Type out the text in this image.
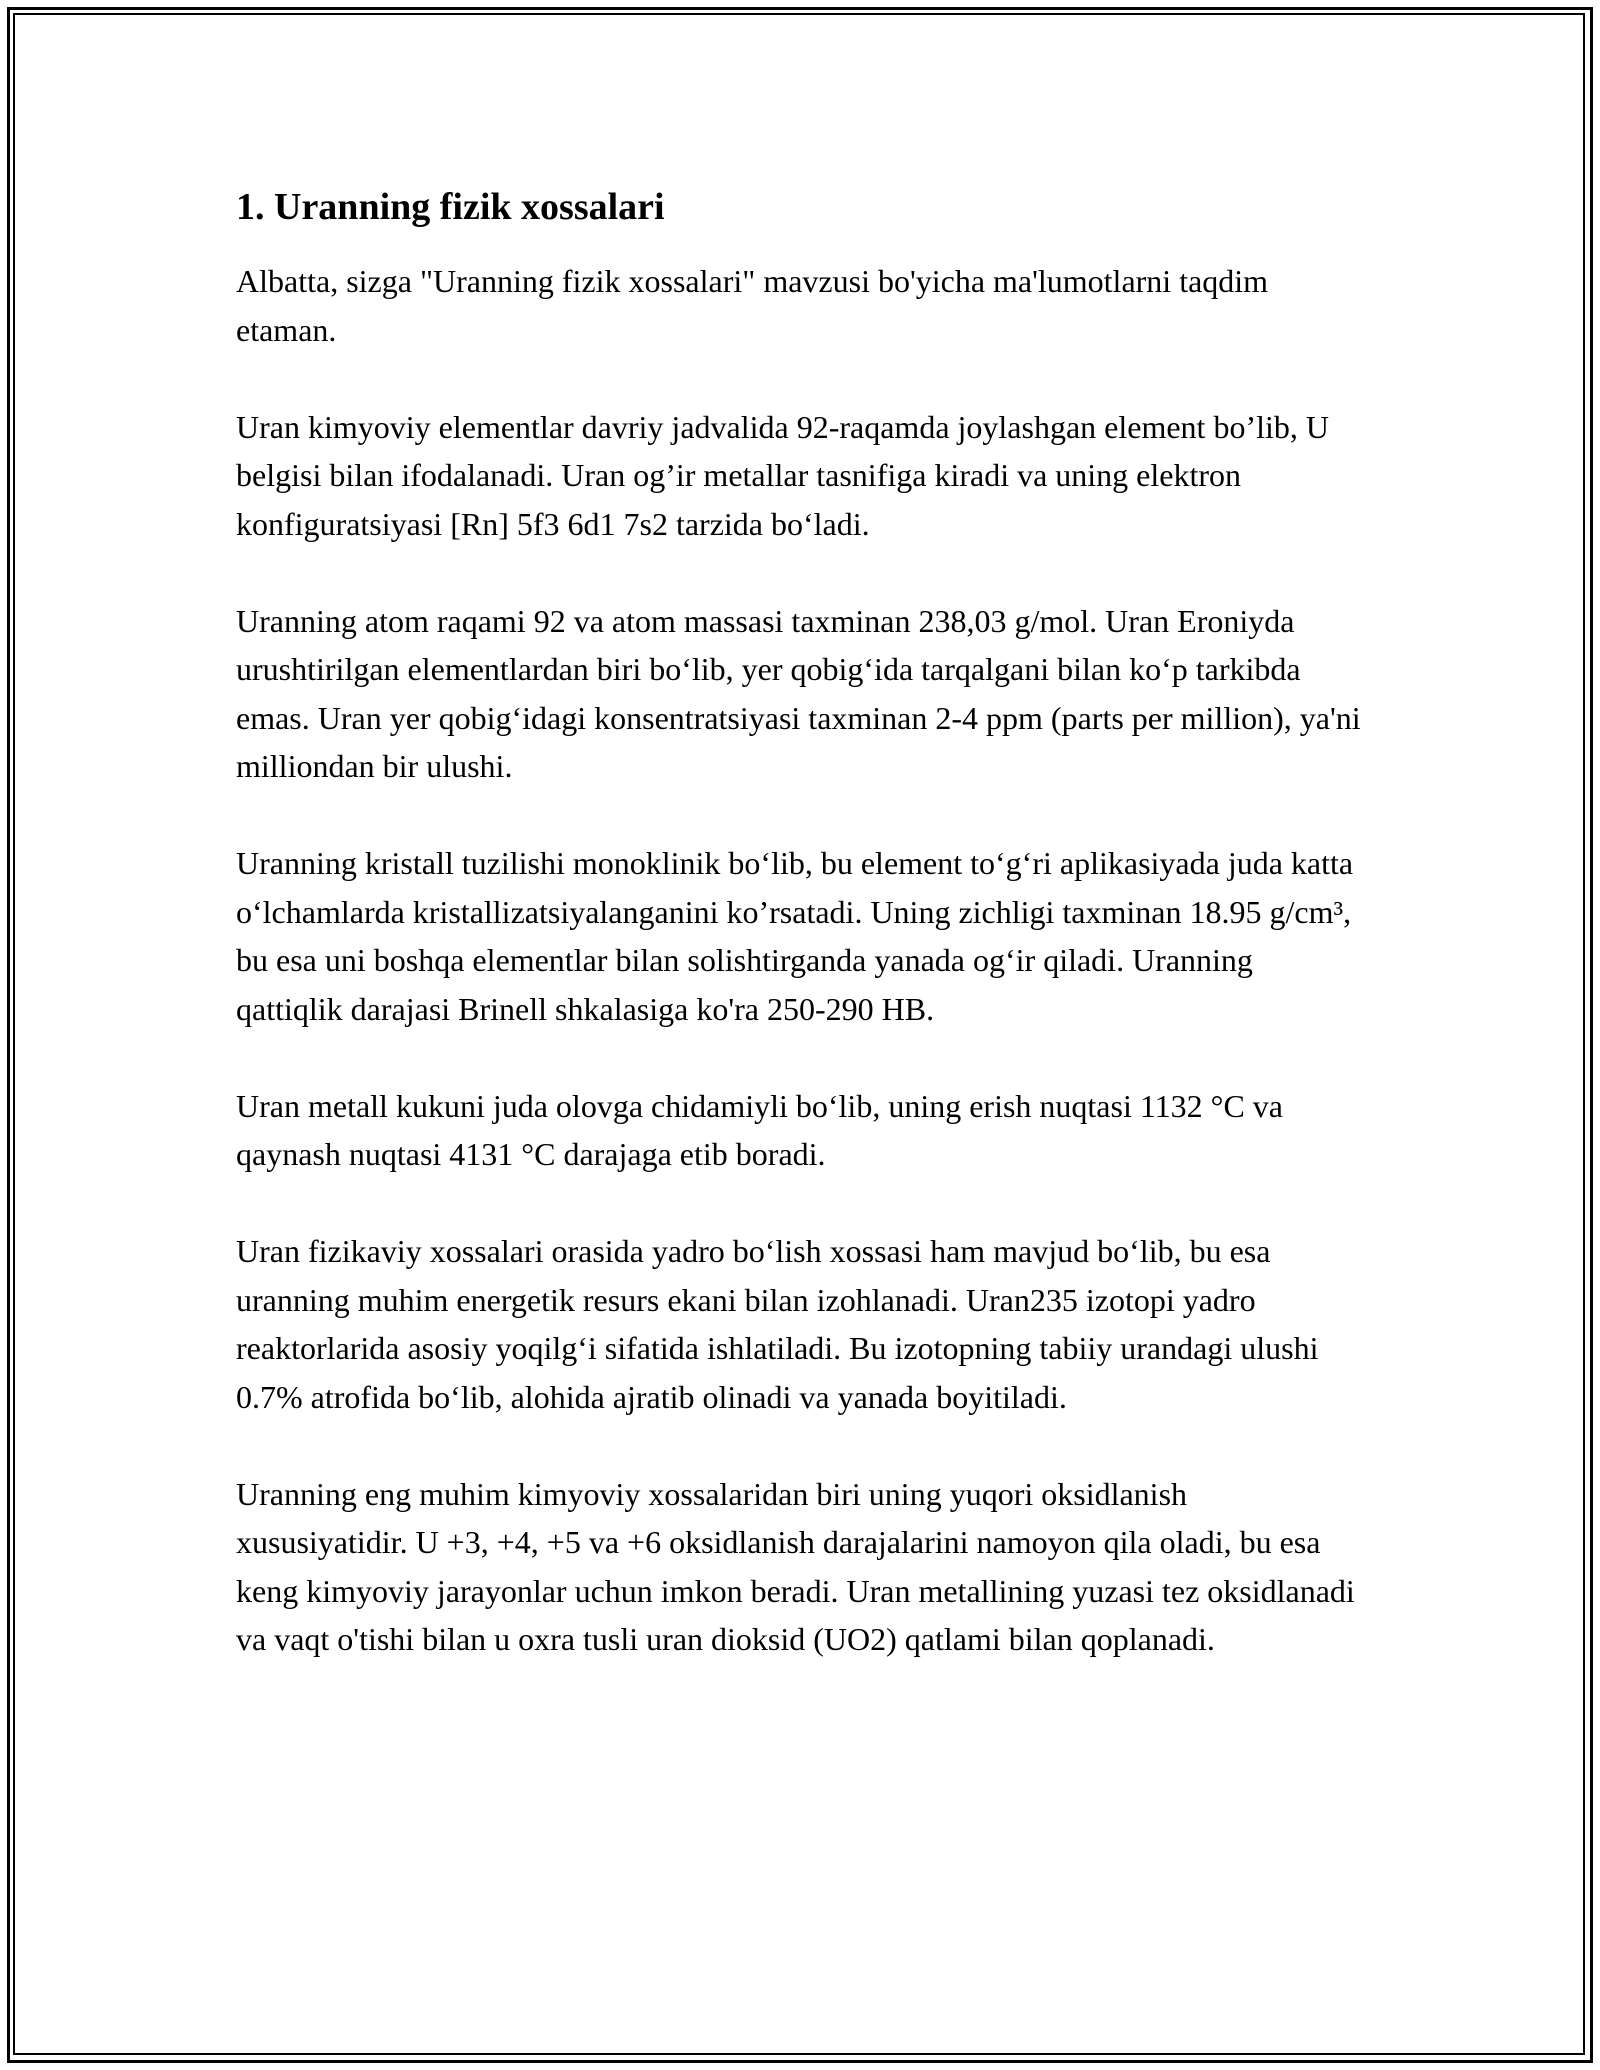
1. Uranning fizik xossalari

Albatta, sizga "Uranning fizik xossalari" mavzusi bo'yicha ma'lumotlarni taqdim etaman.

Uran kimyoviy elementlar davriy jadvalida 92-raqamda joylashgan element bo’lib, U belgisi bilan ifodalanadi. Uran og’ir metallar tasnifiga kiradi va uning elektron konfiguratsiyasi [Rn] 5f3 6d1 7s2 tarzida bo‘ladi.

Uranning atom raqami 92 va atom massasi taxminan 238,03 g/mol. Uran Eroniyda urushtirilgan elementlardan biri bo‘lib, yer qobig‘ida tarqalgani bilan ko‘p tarkibda emas. Uran yer qobig‘idagi konsentratsiyasi taxminan 2-4 ppm (parts per million), ya'ni milliondan bir ulushi.

Uranning kristall tuzilishi monoklinik bo‘lib, bu element to‘g‘ri aplikasiyada juda katta o‘lchamlarda kristallizatsiyalanganini ko’rsatadi. Uning zichligi taxminan 18.95 g/cm³, bu esa uni boshqa elementlar bilan solishtirganda yanada og‘ir qiladi. Uranning qattiqlik darajasi Brinell shkalasiga ko'ra 250-290 HB.

Uran metall kukuni juda olovga chidamiyli bo‘lib, uning erish nuqtasi 1132 °C va qaynash nuqtasi 4131 °C darajaga etib boradi.

Uran fizikaviy xossalari orasida yadro bo‘lish xossasi ham mavjud bo‘lib, bu esa uranning muhim energetik resurs ekani bilan izohlanadi. Uran235 izotopi yadro reaktorlarida asosiy yoqilg‘i sifatida ishlatiladi. Bu izotopning tabiiy urandagi ulushi 0.7% atrofida bo‘lib, alohida ajratib olinadi va yanada boyitiladi.

Uranning eng muhim kimyoviy xossalaridan biri uning yuqori oksidlanish xususiyatidir. U +3, +4, +5 va +6 oksidlanish darajalarini namoyon qila oladi, bu esa keng kimyoviy jarayonlar uchun imkon beradi. Uran metallining yuzasi tez oksidlanadi va vaqt o'tishi bilan u oxra tusli uran dioksid (UO2) qatlami bilan qoplanadi.
